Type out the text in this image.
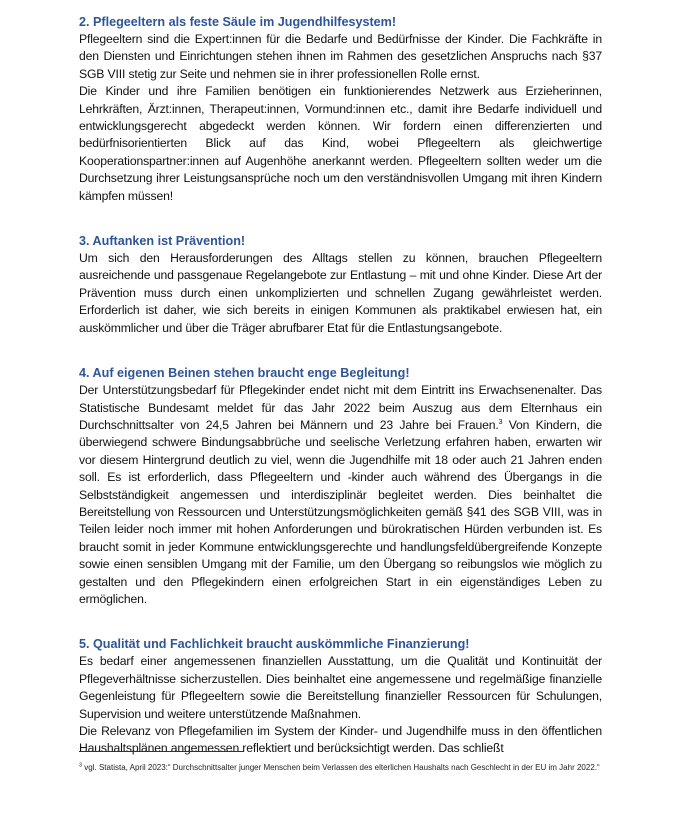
2. Pflegeeltern als feste Säule im Jugendhilfesystem!

Pflegeeltern sind die Expert:innen für die Bedarfe und Bedürfnisse der Kinder. Die Fachkräfte in den Diensten und Einrichtungen stehen ihnen im Rahmen des gesetzlichen Anspruchs nach §37 SGB VIII stetig zur Seite und nehmen sie in ihrer professionellen Rolle ernst.

Die Kinder und ihre Familien benötigen ein funktionierendes Netzwerk aus Erzieherinnen, Lehrkräften, Ärzt:innen, Therapeut:innen, Vormund:innen etc., damit ihre Bedarfe individuell und entwicklungsgerecht abgedeckt werden können. Wir fordern einen differenzierten und bedürfnisorientierten Blick auf das Kind, wobei Pflegeeltern als gleichwertige Kooperationspartner:innen auf Augenhöhe anerkannt werden. Pflegeeltern sollten weder um die Durchsetzung ihrer Leistungsansprüche noch um den verständnisvollen Umgang mit ihren Kindern kämpfen müssen!

3. Auftanken ist Prävention!

Um sich den Herausforderungen des Alltags stellen zu können, brauchen Pflegeeltern ausreichende und passgenaue Regelangebote zur Entlastung – mit und ohne Kinder. Diese Art der Prävention muss durch einen unkomplizierten und schnellen Zugang gewährleistet werden. Erforderlich ist daher, wie sich bereits in einigen Kommunen als praktikabel erwiesen hat, ein auskömmlicher und über die Träger abrufbarer Etat für die Entlastungsangebote.

4. Auf eigenen Beinen stehen braucht enge Begleitung!

Der Unterstützungsbedarf für Pflegekinder endet nicht mit dem Eintritt ins Erwachsenenalter. Das Statistische Bundesamt meldet für das Jahr 2022 beim Auszug aus dem Elternhaus ein Durchschnittsalter von 24,5 Jahren bei Männern und 23 Jahre bei Frauen.$^3$ Von Kindern, die überwiegend schwere Bindungsabbrüche und seelische Verletzung erfahren haben, erwarten wir vor diesem Hintergrund deutlich zu viel, wenn die Jugendhilfe mit 18 oder auch 21 Jahren enden soll. Es ist erforderlich, dass Pflegeeltern und -kinder auch während des Übergangs in die Selbstständigkeit angemessen und interdisziplinär begleitet werden. Dies beinhaltet die Bereitstellung von Ressourcen und Unterstützungsmöglichkeiten gemäß §41 des SGB VIII, was in Teilen leider noch immer mit hohen Anforderungen und bürokratischen Hürden verbunden ist. Es braucht somit in jeder Kommune entwicklungsgerechte und handlungsfeldübergreifende Konzepte sowie einen sensiblen Umgang mit der Familie, um den Übergang so reibungslos wie möglich zu gestalten und den Pflegekindern einen erfolgreichen Start in ein eigenständiges Leben zu ermöglichen.

5. Qualität und Fachlichkeit braucht auskömmliche Finanzierung!

Es bedarf einer angemessenen finanziellen Ausstattung, um die Qualität und Kontinuität der Pflegeverhältnisse sicherzustellen. Dies beinhaltet eine angemessene und regelmäßige finanzielle Gegenleistung für Pflegeeltern sowie die Bereitstellung finanzieller Ressourcen für Schulungen, Supervision und weitere unterstützende Maßnahmen.

Die Relevanz von Pflegefamilien im System der Kinder- und Jugendhilfe muss in den öffentlichen Haushaltsplänen angemessen reflektiert und berücksichtigt werden. Das schließt

$^3$ vgl. Statista, April 2023:“ Durchschnittsalter junger Menschen beim Verlassen des elterlichen Haushalts nach Geschlecht in der EU im Jahr 2022.“
